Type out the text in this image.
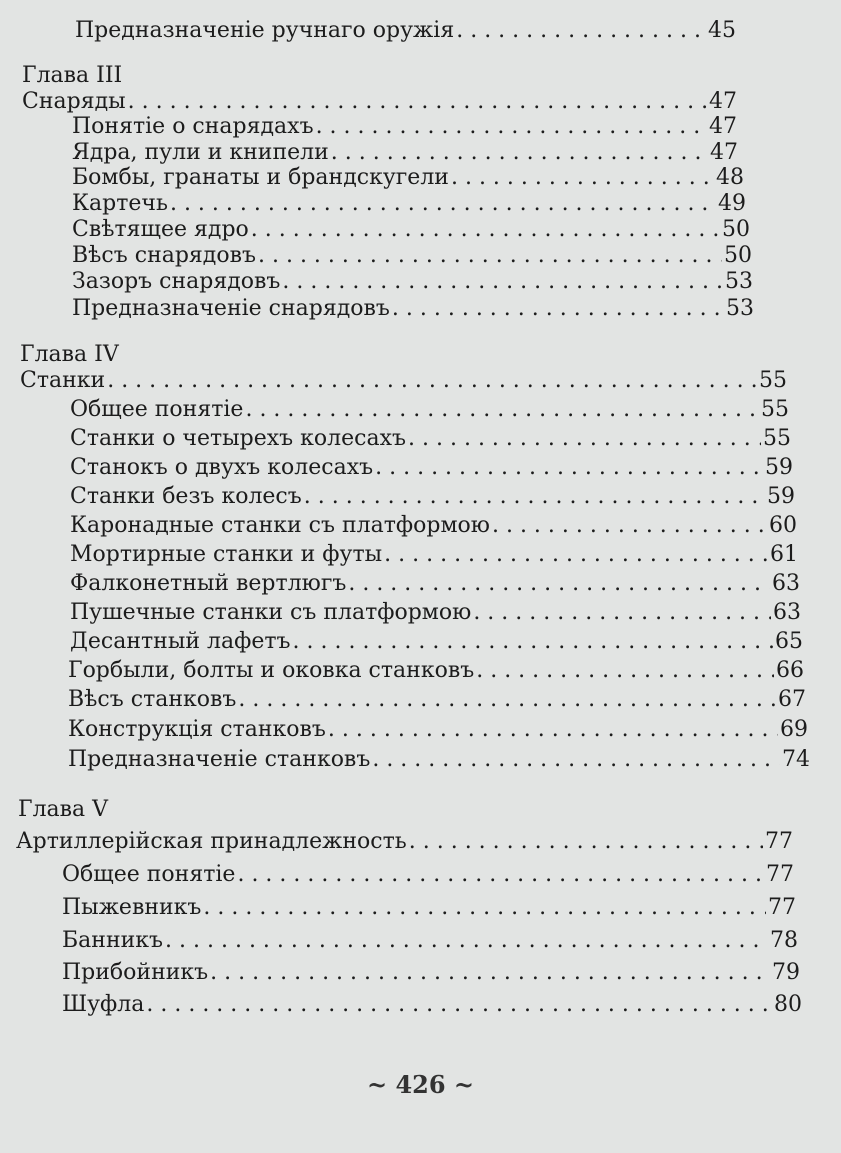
Предназначеніе ручнаго оружія . . .	45
Глава III
Снаряды . . .	47
Понятіе о снарядахъ . . .	47
Ядра, пули и книпели . . .	47
Бомбы, гранаты и брандскугели . . .	48
Картечь . . .	49
Свѣтящее ядро . . .	50
Вѣсъ снарядовъ . . .	50
Зазоръ снарядовъ . . .	53
Предназначеніе снарядовъ . . .	53
Глава IV
Станки . . .	55
Общее понятіе . . .	55
Станки о четырехъ колесахъ . . .	55
Станокъ о двухъ колесахъ . . .	59
Станки безъ колесъ . . .	59
Каронадные станки съ платформою . . .	60
Мортирные станки и футы . . .	61
Фалконетный вертлюгъ . . .	63
Пушечные станки съ платформою . . .	63
Десантный лафетъ . . .	65
Горбыли, болты и оковка станковъ . . .	66
Вѣсъ станковъ . . .	67
Конструкція станковъ . . .	69
Предназначеніе станковъ . . .	74
Глава V
Артиллерійская принадлежность . . .	77
Общее понятіе . . .	77
Пыжевникъ . . .	77
Банникъ . . .	78
Прибойникъ . . .	79
Шуфла . . .	80
~ 426 ~
